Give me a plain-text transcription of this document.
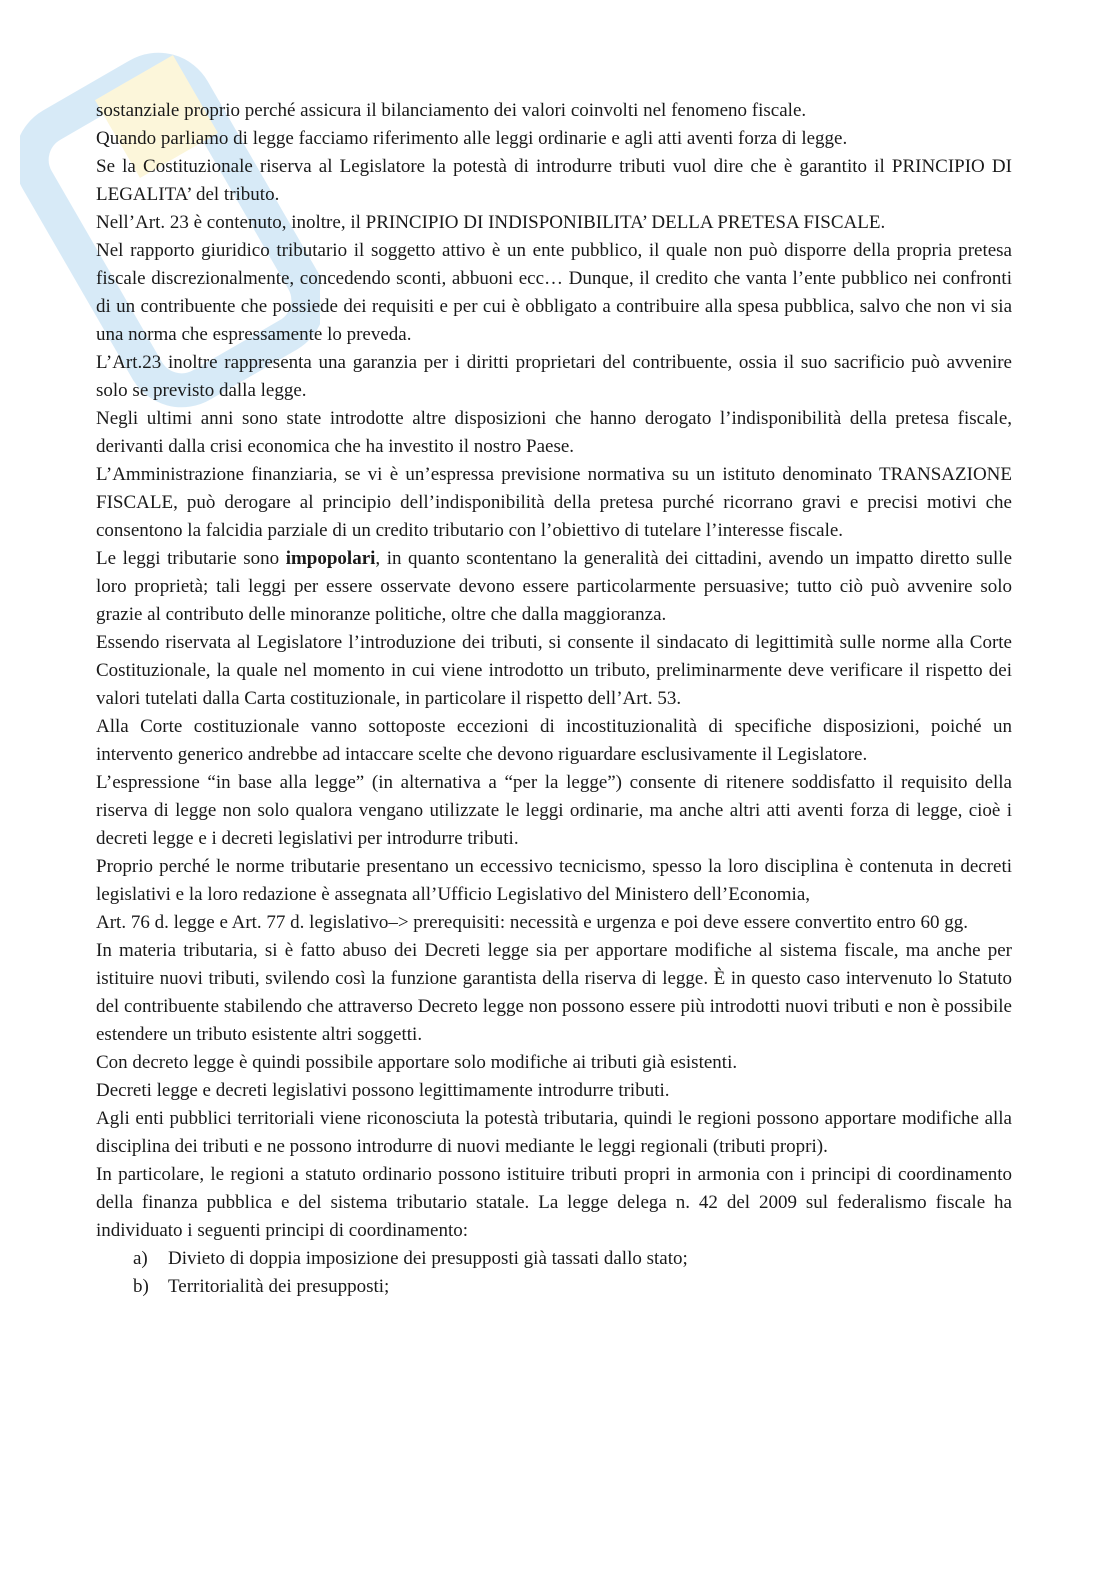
sostanziale proprio perché assicura il bilanciamento dei valori coinvolti nel fenomeno fiscale.

Quando parliamo di legge facciamo riferimento alle leggi ordinarie e agli atti aventi forza di legge.

Se la Costituzionale riserva al Legislatore la potestà di introdurre tributi vuol dire che è garantito il PRINCIPIO DI LEGALITA’ del tributo.

Nell’Art. 23 è contenuto, inoltre, il PRINCIPIO DI INDISPONIBILITA’ DELLA PRETESA FISCALE.

Nel rapporto giuridico tributario il soggetto attivo è un ente pubblico, il quale non può disporre della propria pretesa fiscale discrezionalmente, concedendo sconti, abbuoni ecc… Dunque, il credito che vanta l’ente pubblico nei confronti di un contribuente che possiede dei requisiti e per cui è obbligato a contribuire alla spesa pubblica, salvo che non vi sia una norma che espressamente lo preveda.

L’Art.23 inoltre rappresenta una garanzia per i diritti proprietari del contribuente, ossia il suo sacrificio può avvenire solo se previsto dalla legge.

Negli ultimi anni sono state introdotte altre disposizioni che hanno derogato l’indisponibilità della pretesa fiscale, derivanti dalla crisi economica che ha investito il nostro Paese.

L’Amministrazione finanziaria, se vi è un’espressa previsione normativa su un istituto denominato TRANSAZIONE FISCALE, può derogare al principio dell’indisponibilità della pretesa purché ricorrano gravi e precisi motivi che consentono la falcidia parziale di un credito tributario con l’obiettivo di tutelare l’interesse fiscale.

Le leggi tributarie sono impopolari, in quanto scontentano la generalità dei cittadini, avendo un impatto diretto sulle loro proprietà; tali leggi per essere osservate devono essere particolarmente persuasive; tutto ciò può avvenire solo grazie al contributo delle minoranze politiche, oltre che dalla maggioranza.

Essendo riservata al Legislatore l’introduzione dei tributi, si consente il sindacato di legittimità sulle norme alla Corte Costituzionale, la quale nel momento in cui viene introdotto un tributo, preliminarmente deve verificare il rispetto dei valori tutelati dalla Carta costituzionale, in particolare il rispetto dell’Art. 53.

Alla Corte costituzionale vanno sottoposte eccezioni di incostituzionalità di specifiche disposizioni, poiché un intervento generico andrebbe ad intaccare scelte che devono riguardare esclusivamente il Legislatore.

L’espressione “in base alla legge” (in alternativa a “per la legge”) consente di ritenere soddisfatto il requisito della riserva di legge non solo qualora vengano utilizzate le leggi ordinarie, ma anche altri atti aventi forza di legge, cioè i decreti legge e i decreti legislativi per introdurre tributi.

Proprio perché le norme tributarie presentano un eccessivo tecnicismo, spesso la loro disciplina è contenuta in decreti legislativi e la loro redazione è assegnata all’Ufficio Legislativo del Ministero dell’Economia,

Art. 76 d. legge e Art. 77 d. legislativo–> prerequisiti: necessità e urgenza e poi deve essere convertito entro 60 gg.

In materia tributaria, si è fatto abuso dei Decreti legge sia per apportare modifiche al sistema fiscale, ma anche per istituire nuovi tributi, svilendo così la funzione garantista della riserva di legge. È in questo caso intervenuto lo Statuto del contribuente stabilendo che attraverso Decreto legge non possono essere più introdotti nuovi tributi e non è possibile estendere un tributo esistente altri soggetti.

Con decreto legge è quindi possibile apportare solo modifiche ai tributi già esistenti.

Decreti legge e decreti legislativi possono legittimamente introdurre tributi.

Agli enti pubblici territoriali viene riconosciuta la potestà tributaria, quindi le regioni possono apportare modifiche alla disciplina dei tributi e ne possono introdurre di nuovi mediante le leggi regionali (tributi propri).

In particolare, le regioni a statuto ordinario possono istituire tributi propri in armonia con i principi di coordinamento della finanza pubblica e del sistema tributario statale. La legge delega n. 42 del 2009 sul federalismo fiscale ha individuato i seguenti principi di coordinamento:

a) Divieto di doppia imposizione dei presupposti già tassati dallo stato;
b) Territorialità dei presupposti;
